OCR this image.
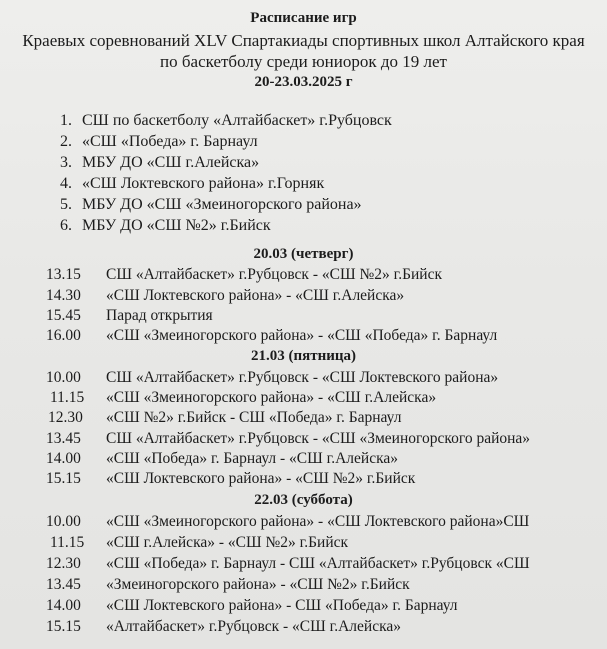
Расписание игр
Краевых соревнований XLV Спартакиады спортивных школ Алтайского края
по баскетболу среди юниорок до 19 лет
20-23.03.2025 г
1. СШ по баскетболу «Алтайбаскет» г.Рубцовск
2. «СШ «Победа» г. Барнаул
3. МБУ ДО «СШ г.Алейска»
4. «СШ Локтевского района» г.Горняк
5. МБУ ДО «СШ «Змеиногорского района»
6. МБУ ДО «СШ №2» г.Бийск
20.03 (четверг)
13.15 СШ «Алтайбаскет» г.Рубцовск - «СШ №2» г.Бийск
14.30 «СШ Локтевского района» - «СШ г.Алейска»
15.45 Парад открытия
16.00 «СШ «Змеиногорского района» - «СШ «Победа» г. Барнаул
21.03 (пятница)
10.00 СШ «Алтайбаскет» г.Рубцовск - «СШ Локтевского района»
11.15 «СШ «Змеиногорского района» - «СШ г.Алейска»
12.30 «СШ №2» г.Бийск - СШ «Победа» г. Барнаул
13.45 СШ «Алтайбаскет» г.Рубцовск - «СШ «Змеиногорского района»
14.00 «СШ «Победа» г. Барнаул - «СШ г.Алейска»
15.15 «СШ Локтевского района» - «СШ №2» г.Бийск
22.03 (суббота)
10.00 «СШ «Змеиногорского района» - «СШ Локтевского района»СШ
11.15 «СШ г.Алейска» - «СШ №2» г.Бийск
12.30 «СШ «Победа» г. Барнаул - СШ «Алтайбаскет» г.Рубцовск «СШ
13.45 «Змеиногорского района» - «СШ №2» г.Бийск
14.00 «СШ Локтевского района» - СШ «Победа» г. Барнаул
15.15 «Алтайбаскет» г.Рубцовск - «СШ г.Алейска»
